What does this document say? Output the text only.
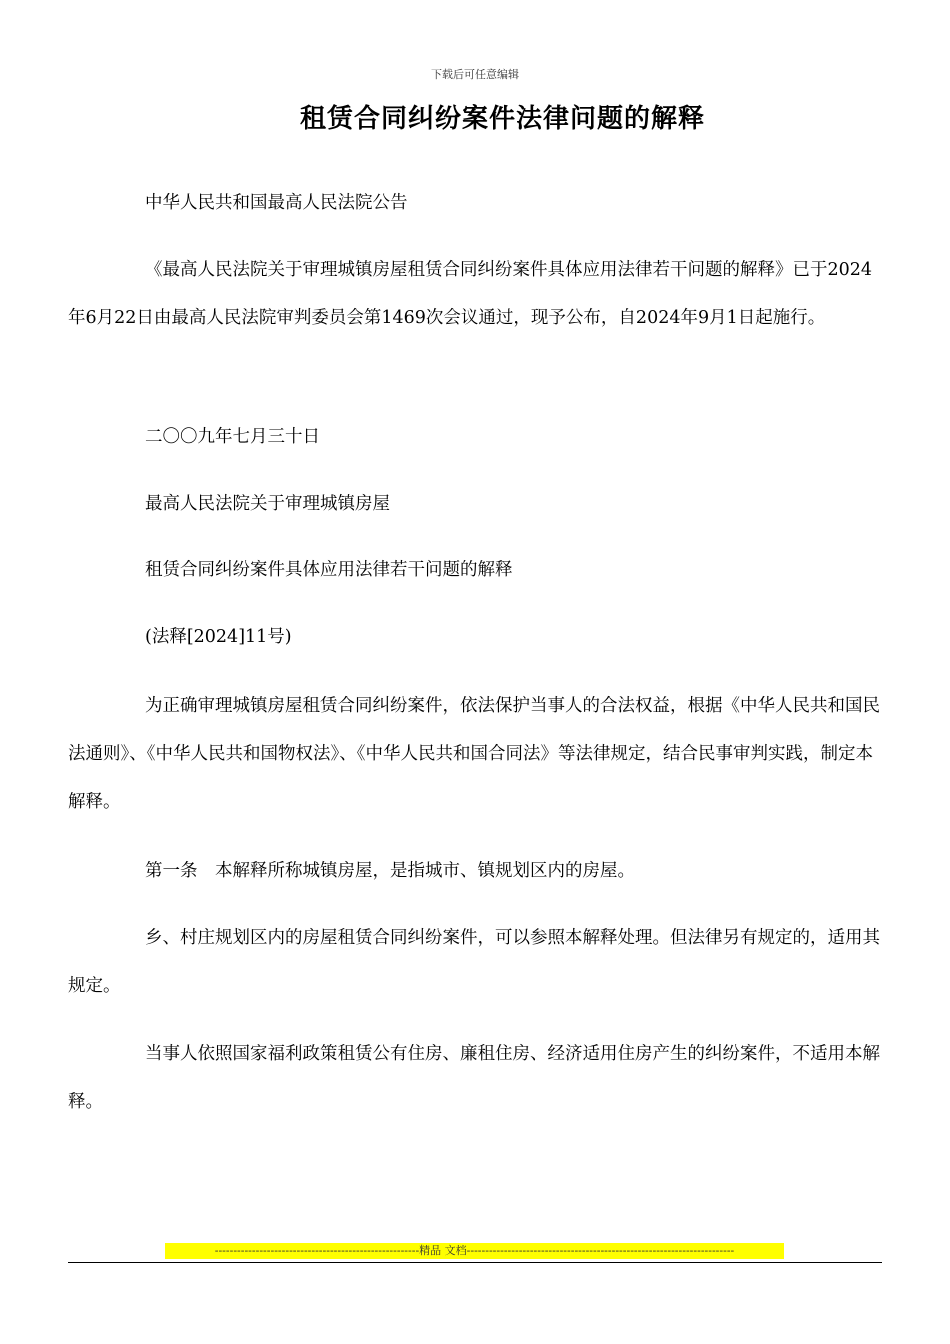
下载后可任意编辑
租赁合同纠纷案件法律问题的解释

中华人民共和国最高人民法院公告

《最高人民法院关于审理城镇房屋租赁合同纠纷案件具体应用法律若干问题的解释》已于2024年6月22日由最高人民法院审判委员会第1469次会议通过，现予公布，自2024年9月1日起施行。

二〇〇九年七月三十日

最高人民法院关于审理城镇房屋

租赁合同纠纷案件具体应用法律若干问题的解释

(法释[2024]11号)

为正确审理城镇房屋租赁合同纠纷案件，依法保护当事人的合法权益，根据《中华人民共和国民法通则》、《中华人民共和国物权法》、《中华人民共和国合同法》等法律规定，结合民事审判实践，制定本解释。

第一条　本解释所称城镇房屋，是指城市、镇规划区内的房屋。

乡、村庄规划区内的房屋租赁合同纠纷案件，可以参照本解释处理。但法律另有规定的，适用其规定。

当事人依照国家福利政策租赁公有住房、廉租住房、经济适用住房产生的纠纷案件，不适用本解释。

-------------------------------------------------------精品 文档------------------------------------------------------------------------
